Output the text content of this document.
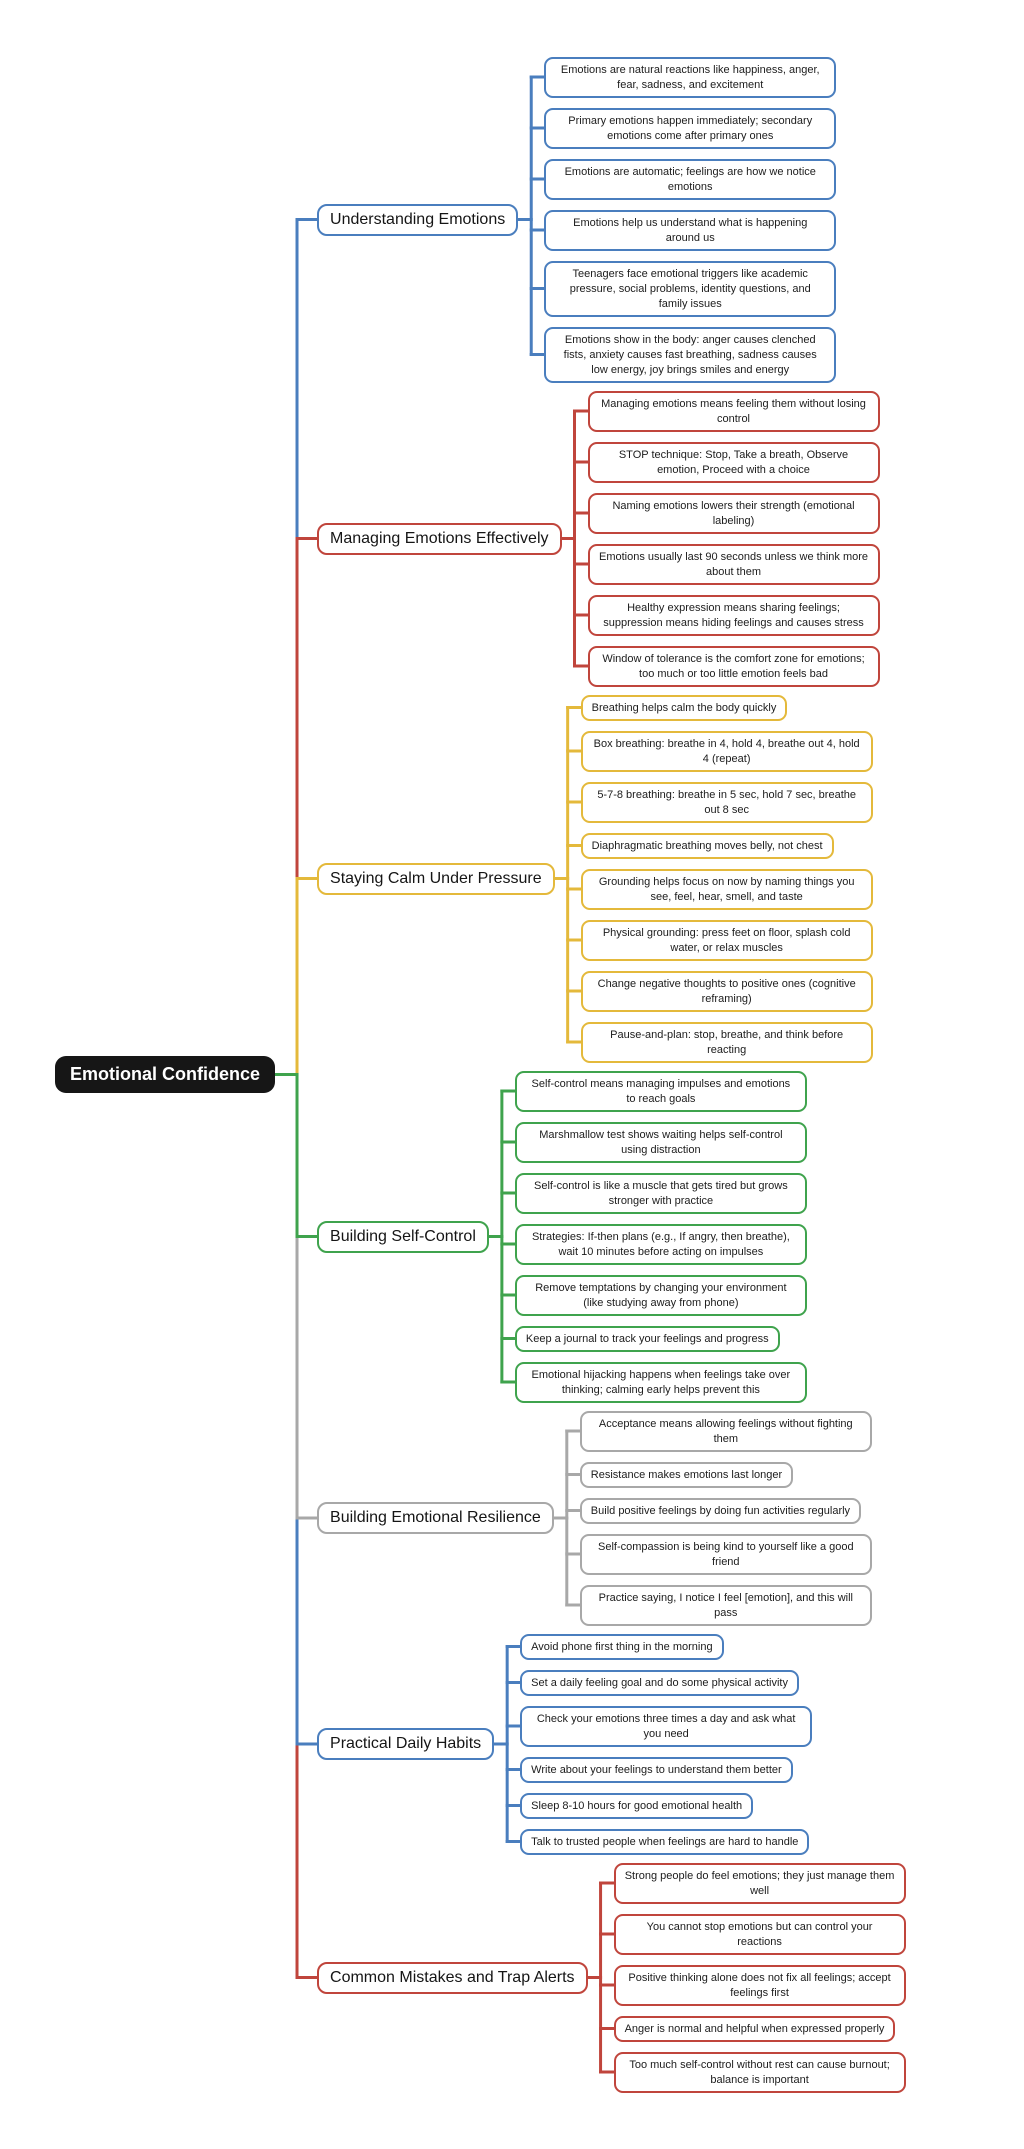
Emotional Confidence
Understanding Emotions
Emotions are natural reactions like happiness, anger, fear, sadness, and excitement
Primary emotions happen immediately; secondary emotions come after primary ones
Emotions are automatic; feelings are how we notice emotions
Emotions help us understand what is happening around us
Teenagers face emotional triggers like academic pressure, social problems, identity questions, and family issues
Emotions show in the body: anger causes clenched fists, anxiety causes fast breathing, sadness causes low energy, joy brings smiles and energy
Managing Emotions Effectively
Managing emotions means feeling them without losing control
STOP technique: Stop, Take a breath, Observe emotion, Proceed with a choice
Naming emotions lowers their strength (emotional labeling)
Emotions usually last 90 seconds unless we think more about them
Healthy expression means sharing feelings; suppression means hiding feelings and causes stress
Window of tolerance is the comfort zone for emotions; too much or too little emotion feels bad
Staying Calm Under Pressure
Breathing helps calm the body quickly
Box breathing: breathe in 4, hold 4, breathe out 4, hold 4 (repeat)
5-7-8 breathing: breathe in 5 sec, hold 7 sec, breathe out 8 sec
Diaphragmatic breathing moves belly, not chest
Grounding helps focus on now by naming things you see, feel, hear, smell, and taste
Physical grounding: press feet on floor, splash cold water, or relax muscles
Change negative thoughts to positive ones (cognitive reframing)
Pause-and-plan: stop, breathe, and think before reacting
Building Self-Control
Self-control means managing impulses and emotions to reach goals
Marshmallow test shows waiting helps self-control using distraction
Self-control is like a muscle that gets tired but grows stronger with practice
Strategies: If-then plans (e.g., If angry, then breathe), wait 10 minutes before acting on impulses
Remove temptations by changing your environment (like studying away from phone)
Keep a journal to track your feelings and progress
Emotional hijacking happens when feelings take over thinking; calming early helps prevent this
Building Emotional Resilience
Acceptance means allowing feelings without fighting them
Resistance makes emotions last longer
Build positive feelings by doing fun activities regularly
Self-compassion is being kind to yourself like a good friend
Practice saying, I notice I feel [emotion], and this will pass
Practical Daily Habits
Avoid phone first thing in the morning
Set a daily feeling goal and do some physical activity
Check your emotions three times a day and ask what you need
Write about your feelings to understand them better
Sleep 8-10 hours for good emotional health
Talk to trusted people when feelings are hard to handle
Common Mistakes and Trap Alerts
Strong people do feel emotions; they just manage them well
You cannot stop emotions but can control your reactions
Positive thinking alone does not fix all feelings; accept feelings first
Anger is normal and helpful when expressed properly
Too much self-control without rest can cause burnout; balance is important
